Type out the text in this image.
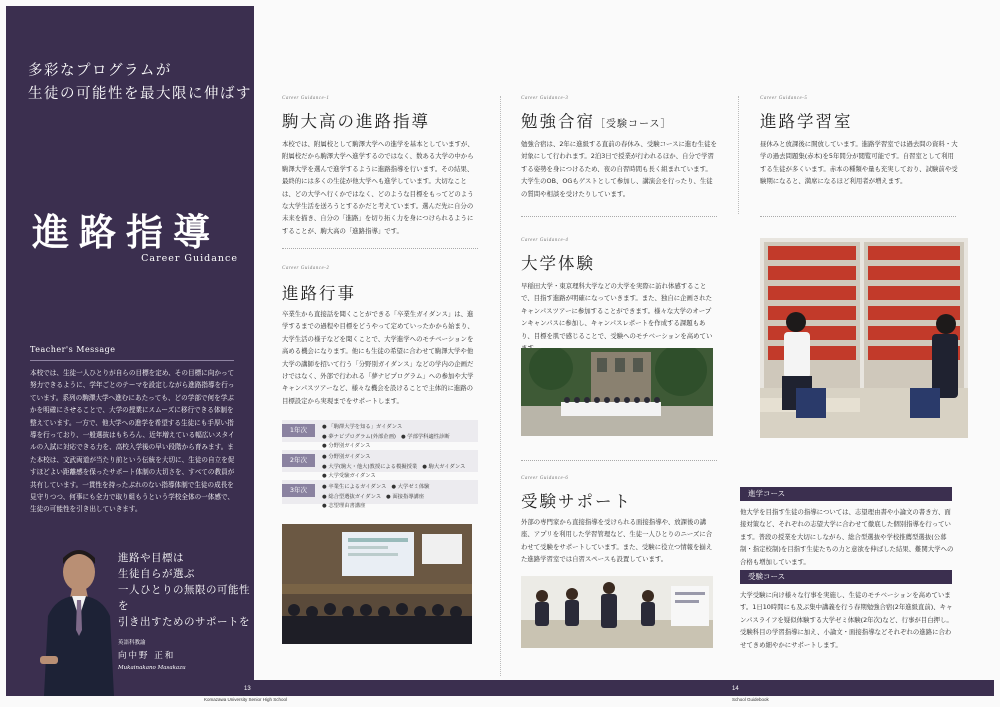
多彩なプログラムが
生徒の可能性を最大限に伸ばす
進路指導
Career Guidance
Teacher's Message
本校では、生徒一人ひとりが自らの目標を定め、その目標に向かって努力できるように、学年ごとのテーマを設定しながら進路指導を行っています。系列の駒澤大学へ進むにあたっても、どの学部で何を学ぶかを明確にさせることで、大学の授業にスムーズに移行できる体制を整えています。一方で、他大学への進学を希望する生徒にも手厚い指導を行っており、一般選抜はもちろん、近年増えている幅広いスタイルの入試に対応できる力を、高校入学後の早い段階から育みます。また本校は、文武両道が当たり前という伝統を大切に、生徒の自立を促すほどよい距離感を保ったサポート体制の大切さを、すべての教員が共有しています。一貫性を持ったぶれのない指導体制で生徒の成長を見守りつつ、何事にも全力で取り組もうという学校全体の一体感で、生徒の可能性を引き出していきます。
進路や目標は
生徒自らが選ぶ
一人ひとりの無限の可能性を
引き出すためのサポートを
英語科教諭
向中野 正和
Mukainakano Masakazu
Career Guidance-1
駒大高の進路指導
本校では、附属校として駒澤大学への進学を基本としていますが、附属校だから駒澤大学へ進学するのではなく、数ある大学の中から駒澤大学を選んで進学するように進路指導を行います。その結果、最終的には多くの生徒が他大学へも進学しています。大切なことは、どの大学へ行くかではなく、どのような目標をもってどのような大学生活を送ろうとするかだと考えています。選んだ先に自分の未来を描き、自分の「進路」を切り拓く力を身につけられるようにすることが、駒大高の「進路指導」です。
Career Guidance-2
進路行事
卒業生から直接話を聞くことができる「卒業生ガイダンス」は、進学するまでの過程や目標をどうやって定めていったかから始まり、大学生活の様子などを聞くことで、大学進学へのモチベーションを高める機会になります。他にも生徒の希望に合わせて駒澤大学や他大学の講師を招いて行う「分野別ガイダンス」などの学内の企画だけではなく、外部で行われる「夢ナビプログラム」への参加や大学キャンパスツアーなど、様々な機会を設けることで主体的に進路の目標設定から実現までをサポートします。
1年次	● 「駒澤大学を知る」ガイダンス● 夢ナビプログラム(外部企画) ● 学部学科適性診断● 分野別ガイダンス
2年次	● 分野別ガイダンス● 大学(駒大・他大)教授による模擬授業 ● 駒大ガイダンス● 大学受験ガイダンス
3年次	● 卒業生によるガイダンス ● 大学ゼミ体験● 総合型選抜ガイダンス ● 面接指導講座● 志望理由書講座
Career Guidance-3
勉強合宿［受験コース］
勉強合宿は、2年に進級する直前の春休み、受験コースに進む生徒を対象にして行われます。2泊3日で授業が行われるほか、自分で学習する姿勢を身につけるため、夜の自習時間も長く組まれています。大学生のOB、OGもゲストとして参加し、講演会を行ったり、生徒の質問や相談を受けたりしています。
Career Guidance-4
大学体験
早稲田大学・東京理科大学などの大学を実際に訪れ体感することで、目指す進路が明確になっていきます。また、独自に企画されたキャンパスツアーに参加することができます。様々な大学のオープンキャンパスに参加し、キャンパスレポートを作成する課題もあり、目標を肌で感じることで、受験へのモチベーションを高めてい
Career Guidance-6
受験サポート
外部の専門家から直接指導を受けられる面接指導や、放課後の講座、アプリを利用した学習管理など、生徒一人ひとりのニーズに合わせて受験をサポートしています。また、受験に役立つ情報を揃えた進路学習室では自習スペースも設置しています。
Career Guidance-5
進路学習室
昼休みと放課後に開放しています。進路学習室では過去問の資料・大学の過去問題集(赤本)を5年間分が閲覧可能です。自習室として利用する生徒が多くいます。赤本の種類や量も充実しており、試験前や受験期になると、満席になるほど利用者が増えます。
進学コース
他大学を目指す生徒の指導については、志望理由書や小論文の書き方、面接対策など、それぞれの志望大学に合わせて徹底した個別指導を行っています。普段の授業を大切にしながら、総合型選抜や学校推薦型選抜(公募制・指定校制)を目指す生徒たちの力と意欲を伸ばした結果、難関大学への合格も増加しています。
受験コース
大学受験に向け様々な行事を実施し、生徒のモチベーションを高めています。1日10時間にも及ぶ集中講義を行う春期勉強合宿(2年進級直前)、キャンパスライフを疑似体験する大学ゼミ体験(2年次)など、行事が目白押し。受験科目の学習指導に加え、小論文・面接指導などそれぞれの進路に合わせてきめ細やかにサポートします。
13
Komazawa University Senior High School
14
School Guidebook
